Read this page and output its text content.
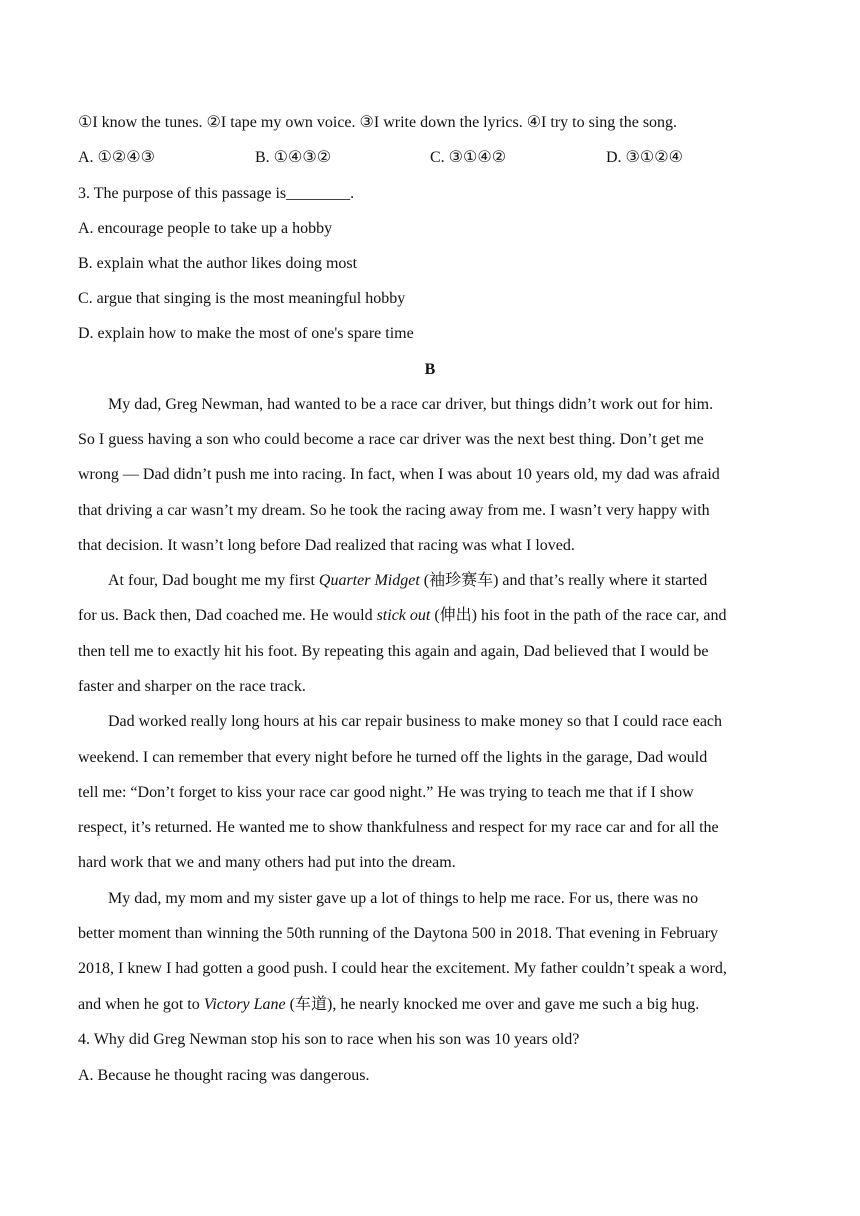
①I know the tunes. ②I tape my own voice. ③I write down the lyrics. ④I try to sing the song.
A. ①②④③	B. ①④③②	C. ③①④②	D. ③①②④
3. The purpose of this passage is________.
A. encourage people to take up a hobby
B. explain what the author likes doing most
C. argue that singing is the most meaningful hobby
D. explain how to make the most of one's spare time
B
My dad, Greg Newman, had wanted to be a race car driver, but things didn’t work out for him.
So I guess having a son who could become a race car driver was the next best thing. Don’t get me
wrong — Dad didn’t push me into racing. In fact, when I was about 10 years old, my dad was afraid
that driving a car wasn’t my dream. So he took the racing away from me. I wasn’t very happy with
that decision. It wasn’t long before Dad realized that racing was what I loved.
At four, Dad bought me my first Quarter Midget (袖珍赛车) and that’s really where it started
for us. Back then, Dad coached me. He would stick out (伸出) his foot in the path of the race car, and
then tell me to exactly hit his foot. By repeating this again and again, Dad believed that I would be
faster and sharper on the race track.
Dad worked really long hours at his car repair business to make money so that I could race each
weekend. I can remember that every night before he turned off the lights in the garage, Dad would
tell me: “Don’t forget to kiss your race car good night.” He was trying to teach me that if I show
respect, it’s returned. He wanted me to show thankfulness and respect for my race car and for all the
hard work that we and many others had put into the dream.
My dad, my mom and my sister gave up a lot of things to help me race. For us, there was no
better moment than winning the 50th running of the Daytona 500 in 2018. That evening in February
2018, I knew I had gotten a good push. I could hear the excitement. My father couldn’t speak a word,
and when he got to Victory Lane (车道), he nearly knocked me over and gave me such a big hug.
4. Why did Greg Newman stop his son to race when his son was 10 years old?
A. Because he thought racing was dangerous.
